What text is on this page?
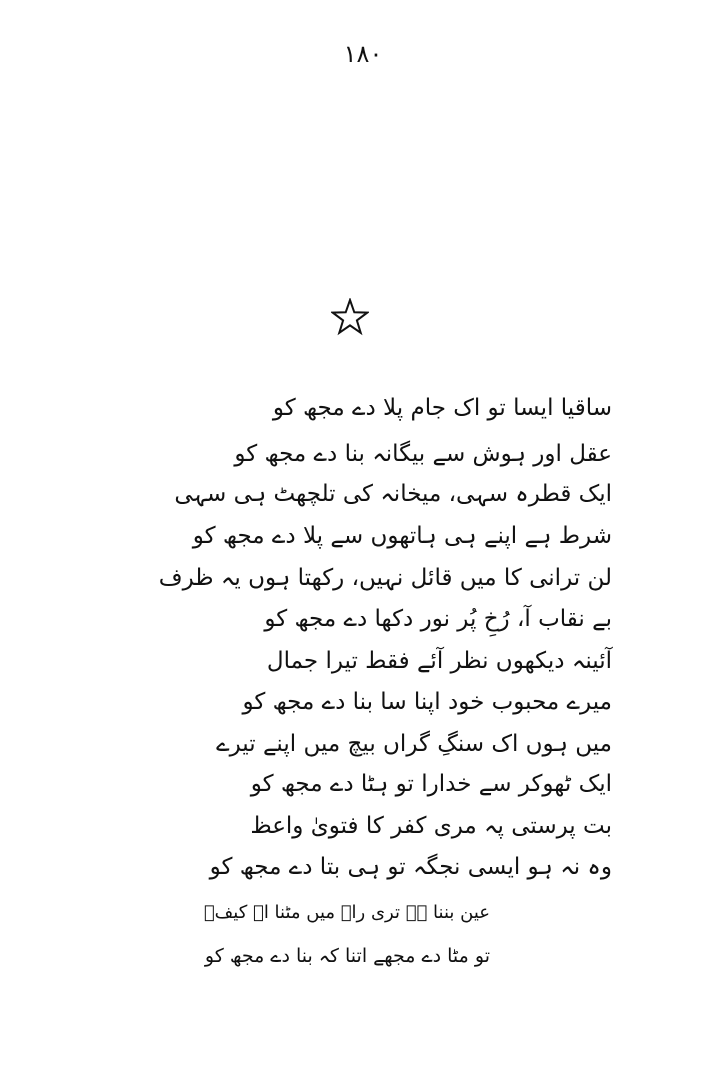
۱۸۰
ساقیا ایسا تو اک جام پلا دے مجھ کو
عقل اور ہوش سے بیگانہ بنا دے مجھ کو
ایک قطرہ سہی، میخانہ کی تلچھٹ ہی سہی
شرط ہے اپنے ہی ہاتھوں سے پلا دے مجھ کو
لن ترانی کا میں قائل نہیں، رکھتا ہوں یہ ظرف
بے نقاب آ، رُخِ پُر نور دکھا دے مجھ کو
آئینہ دیکھوں نظر آئے فقط تیرا جمال
میرے محبوب خود اپنا سا بنا دے مجھ کو
میں ہوں اک سنگِ گراں بیچ میں اپنے تیرے
ایک ٹھوکر سے خدارا تو ہٹا دے مجھ کو
بت پرستی پہ مری کفر کا فتویٰ واعظ
وہ نہ ہو ایسی نجگہ تو ہی بتا دے مجھ کو
عین بننا ہے تری راہ میں مٹنا اے کیفؔ
تو مٹا دے مجھے اتنا کہ بنا دے مجھ کو
